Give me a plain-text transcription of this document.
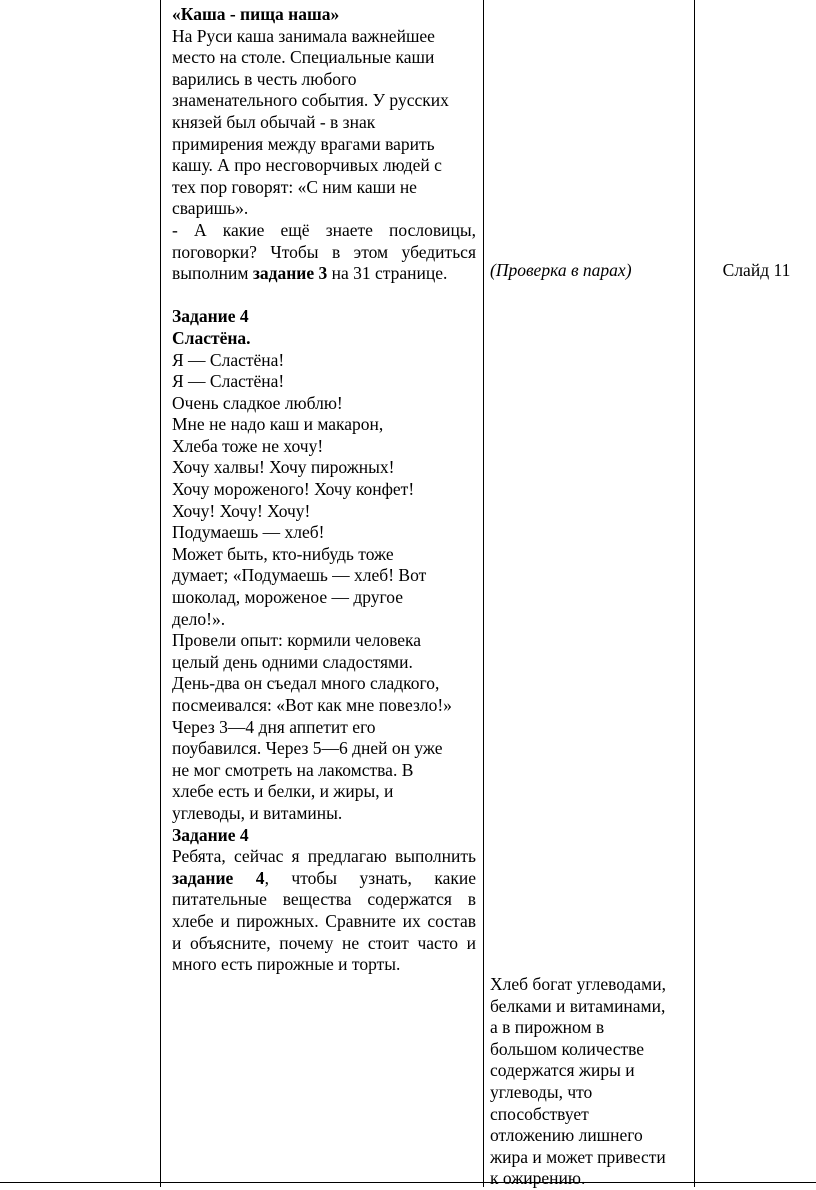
«Каша - пища наша»

На Руси каша занимала важнейшее
место на столе. Специальные каши
варились в честь любого
знаменательного события. У русских
князей был обычай - в знак
примирения между врагами варить
кашу. А про несговорчивых людей с
тех пор говорят: «С ним каши не
сваришь».

- А какие ещё знаете пословицы, поговорки? Чтобы в этом убедиться выполним задание 3 на 31 странице.

Задание 4

Сластёна.

Я — Сластёна!
Я — Сластёна!
Очень сладкое люблю!
Мне не надо каш и макарон,
Хлеба тоже не хочу!
Хочу халвы! Хочу пирожных!
Хочу мороженого! Хочу конфет!
Хочу! Хочу! Хочу!
Подумаешь — хлеб!
Может быть, кто-нибудь тоже
думает; «Подумаешь — хлеб! Вот
шоколад, мороженое — другое
дело!».
Провели опыт: кормили человека
целый день одними сладостями.
День-два он съедал много сладкого,
посмеивался: «Вот как мне повезло!»
Через 3—4 дня аппетит его
поубавился. Через 5—6 дней он уже
не мог смотреть на лакомства. В
хлебе есть и белки, и жиры, и
углеводы, и витамины.

Задание 4

Ребята, сейчас я предлагаю выполнить задание 4, чтобы узнать, какие питательные вещества содержатся в хлебе и пирожных. Сравните их состав и объясните, почему не стоит часто и много есть пирожные и торты.

(Проверка в парах)
Хлеб богат углеводами,
белками и витаминами,
а в пирожном в
большом количестве
содержатся жиры и
углеводы, что
способствует
отложению лишнего
жира и может привести
к ожирению.
Слайд 11
